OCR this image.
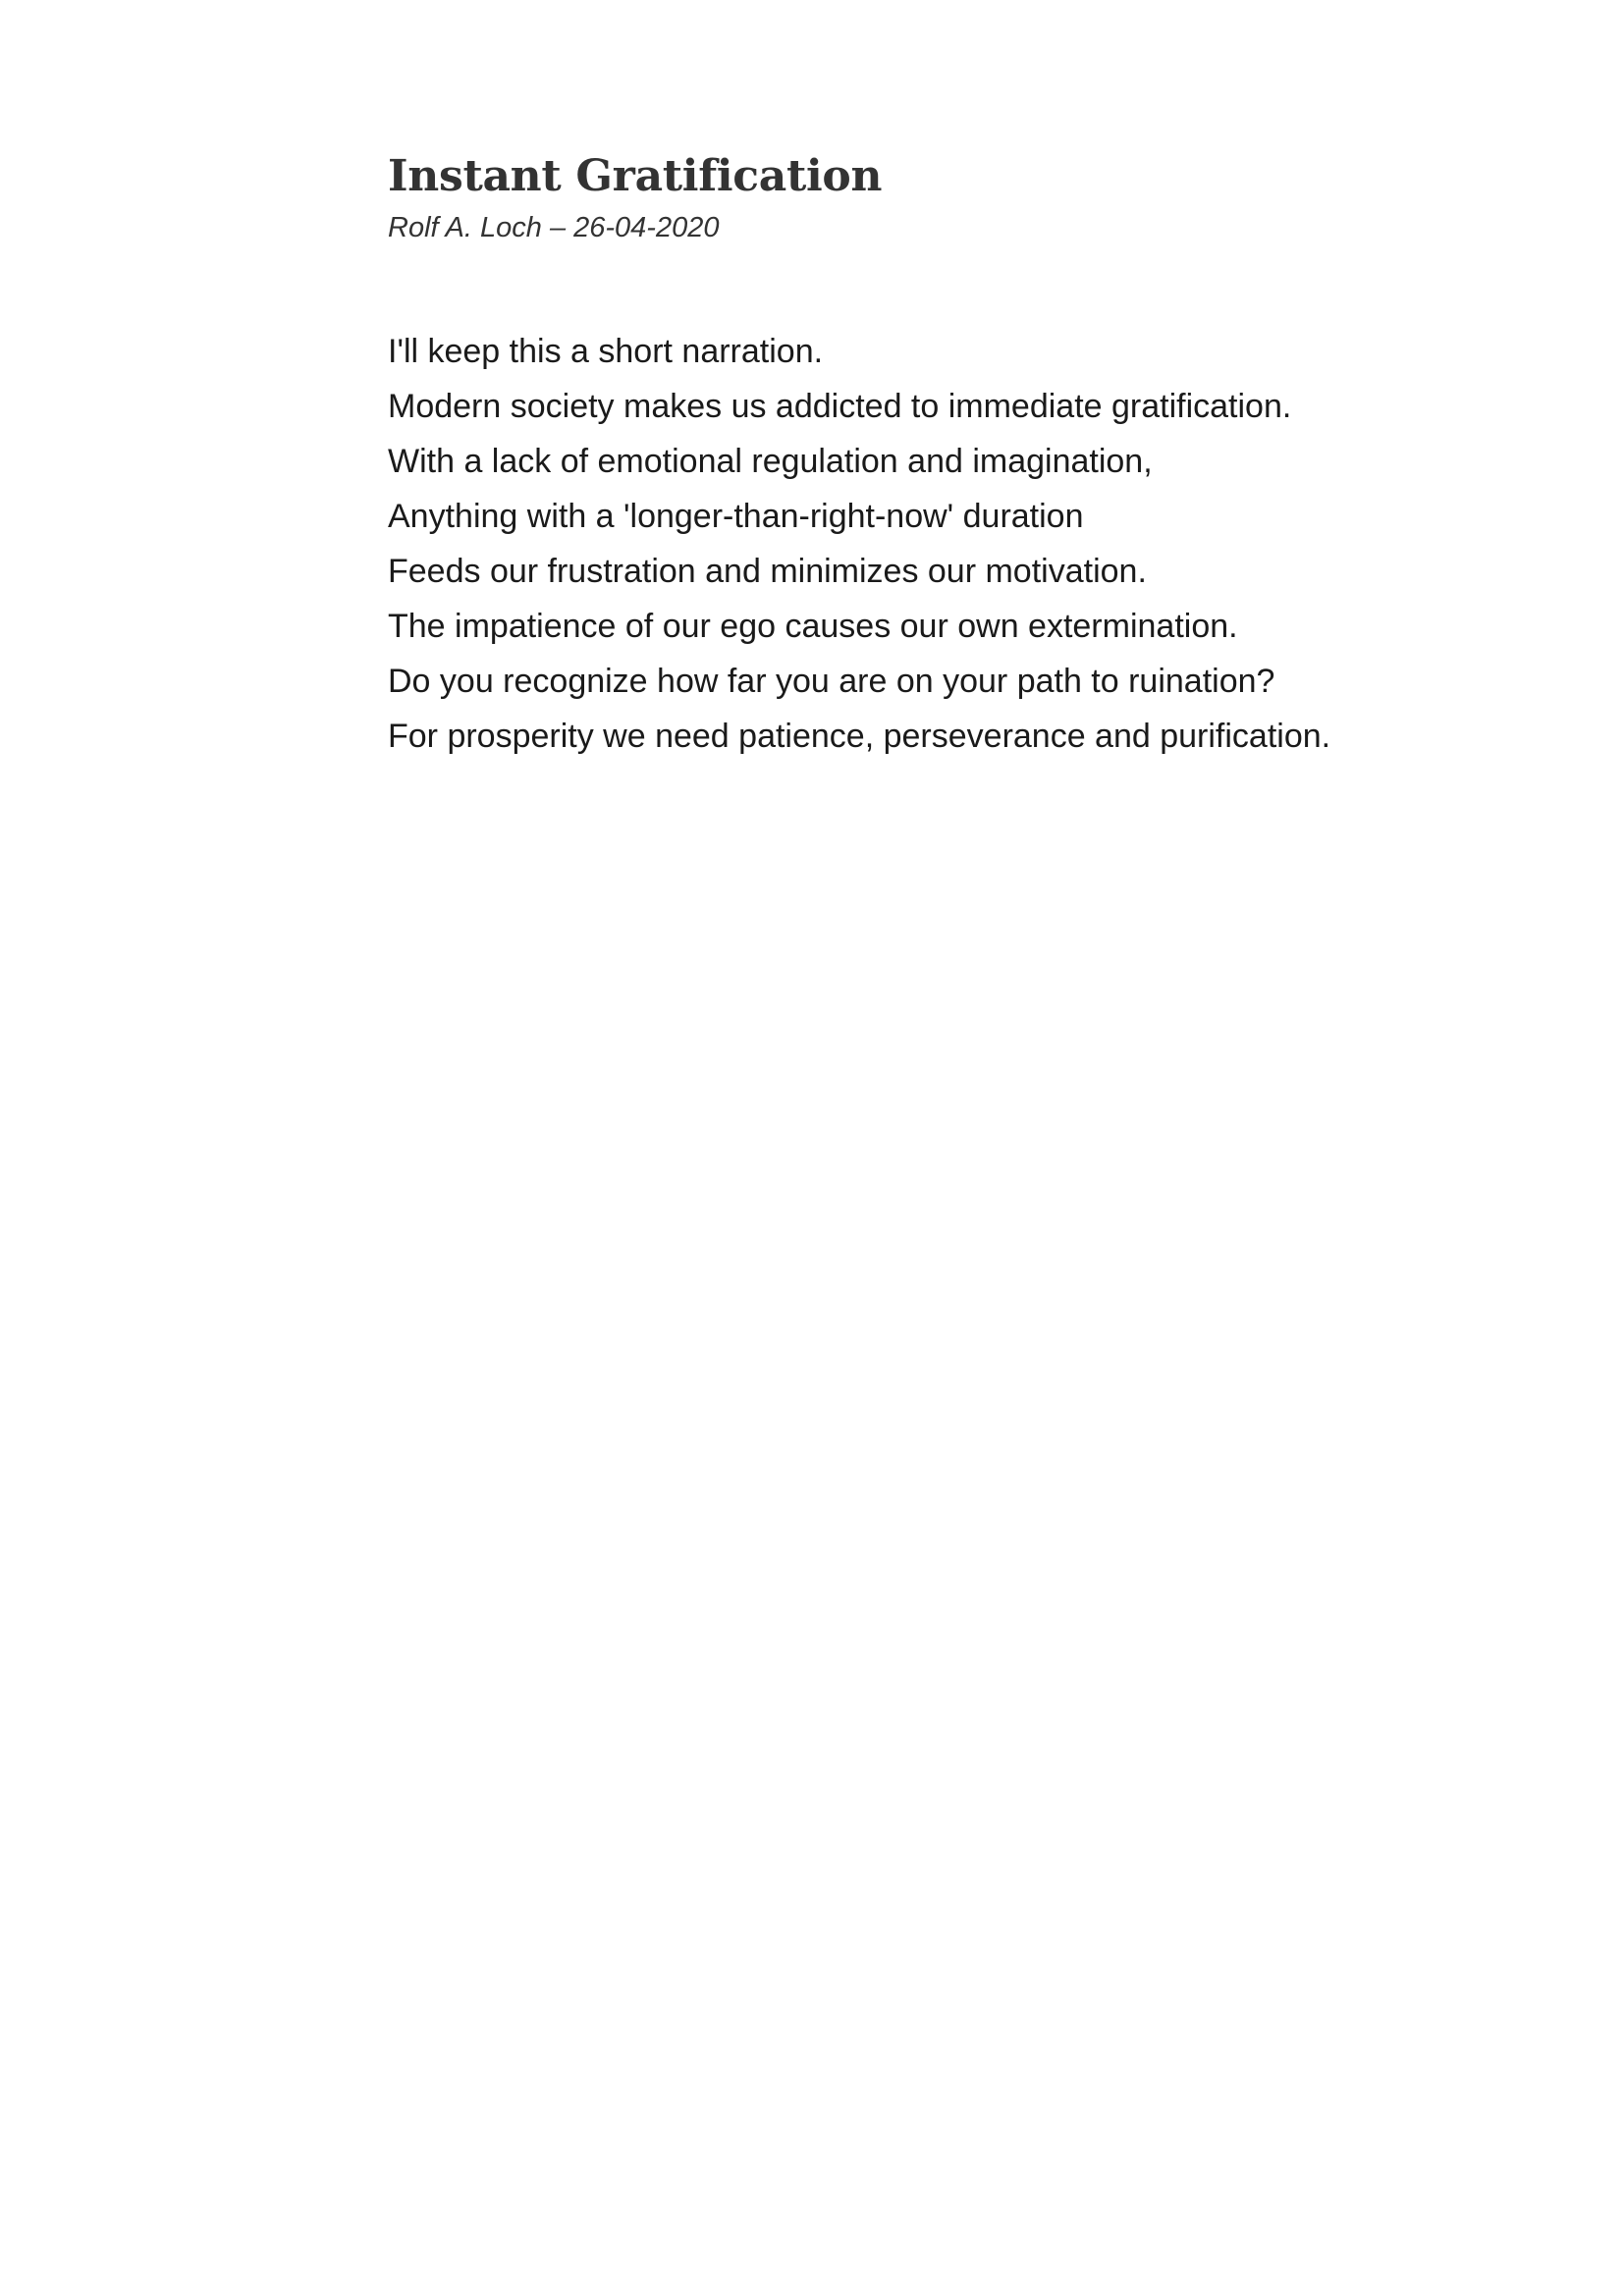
Instant Gratification

Rolf A. Loch – 26-04-2020

I'll keep this a short narration.
Modern society makes us addicted to immediate gratification.
With a lack of emotional regulation and imagination,
Anything with a 'longer-than-right-now' duration
Feeds our frustration and minimizes our motivation.
The impatience of our ego causes our own extermination.
Do you recognize how far you are on your path to ruination?
For prosperity we need patience, perseverance and purification.
